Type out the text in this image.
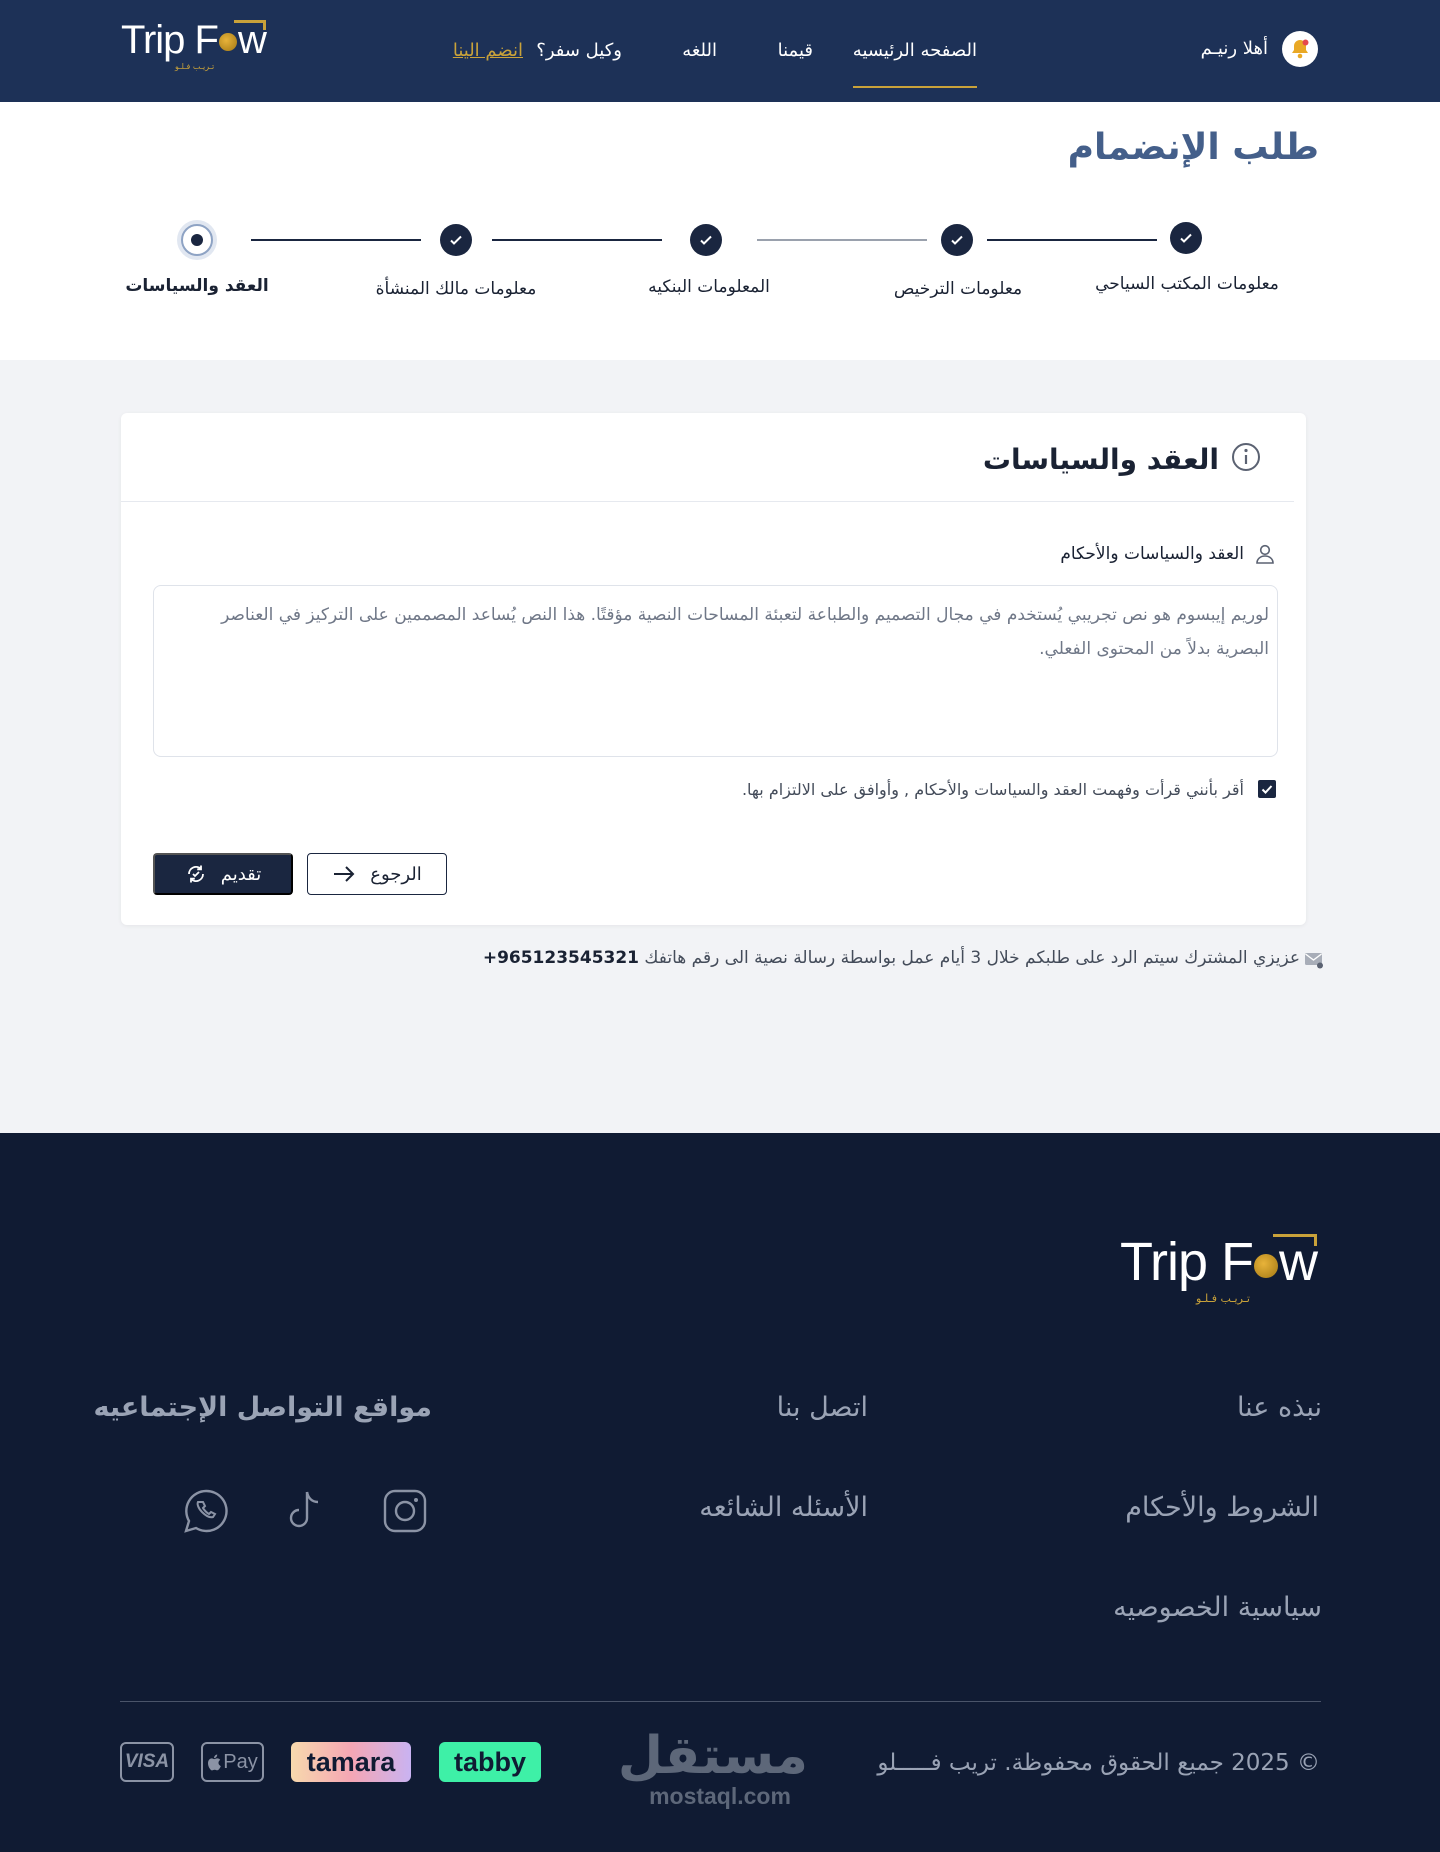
Trip F w
تـريـب فـلـو
الصفحه الرئيسيه
قيمنا
اللغه
وكيل سفر؟
انضم الينا	أهلا رنيـم
طلب الإنضمام
معلومات المكتب السياحي
معلومات الترخيص
المعلومات البنكيه
معلومات مالك المنشأة
العقد والسياسات
العقد والسياسات
العقد والسياسات والأحكام
لوريم إيبسوم هو نص تجريبي يُستخدم في مجال التصميم والطباعة لتعبئة المساحات النصية مؤقتًا. هذا النص يُساعد المصممين على التركيز في العناصر البصرية بدلاً من المحتوى الفعلي.
أقر بأنني قرأت وفهمت العقد والسياسات والأحكام , وأوافق على الالتزام بها.
تقديم	الرجوع

عزيزي المشترك سيتم الرد على طلبكم خلال 3 أيام عمل بواسطة رسالة نصية الى رقم هاتفك +965123545321

Trip F w
تـريـب فـلـو
نبذه عنا
الشروط والأحكام
سياسية الخصوصيه
اتصل بنا
الأسئله الشائعه
مواقع التواصل الإجتماعيه

© 2025 جميع الحقوق محفوظة. تريب فـــــلو

مستقل
mostaql.com
tabby
tamara
Pay
VISA
